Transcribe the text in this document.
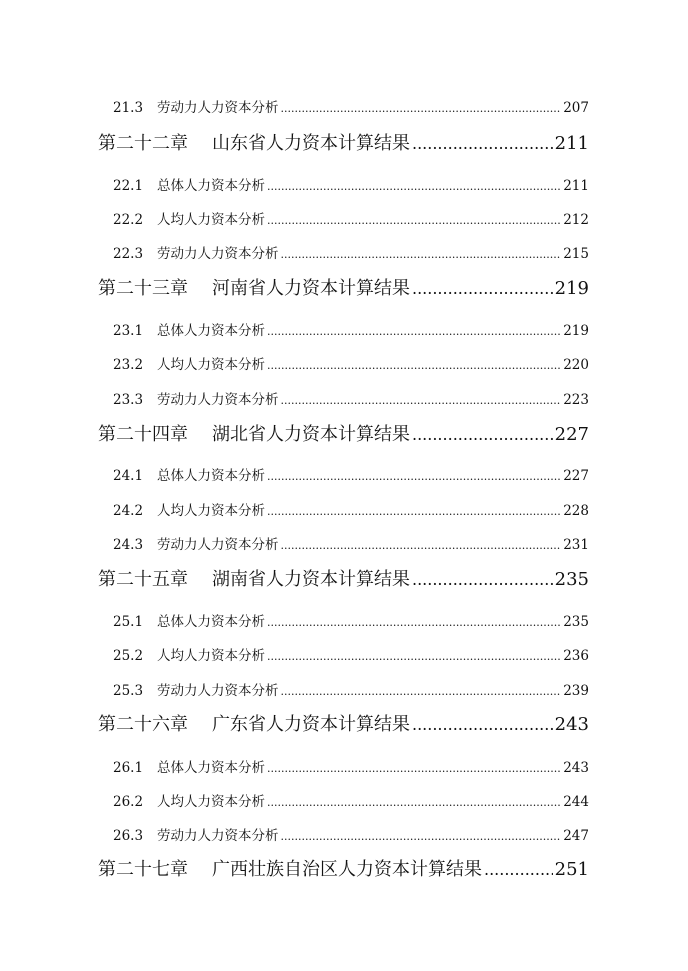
21.3	劳动力人力资本分析 .....	207
第二十二章	山东省人力资本计算结果 .....	211
22.1	总体人力资本分析 .....	211
22.2	人均人力资本分析 .....	212
22.3	劳动力人力资本分析 .....	215
第二十三章	河南省人力资本计算结果 .....	219
23.1	总体人力资本分析 .....	219
23.2	人均人力资本分析 .....	220
23.3	劳动力人力资本分析 .....	223
第二十四章	湖北省人力资本计算结果 .....	227
24.1	总体人力资本分析 .....	227
24.2	人均人力资本分析 .....	228
24.3	劳动力人力资本分析 .....	231
第二十五章	湖南省人力资本计算结果 .....	235
25.1	总体人力资本分析 .....	235
25.2	人均人力资本分析 .....	236
25.3	劳动力人力资本分析 .....	239
第二十六章	广东省人力资本计算结果 .....	243
26.1	总体人力资本分析 .....	243
26.2	人均人力资本分析 .....	244
26.3	劳动力人力资本分析 .....	247
第二十七章	广西壮族自治区人力资本计算结果 .....	251
